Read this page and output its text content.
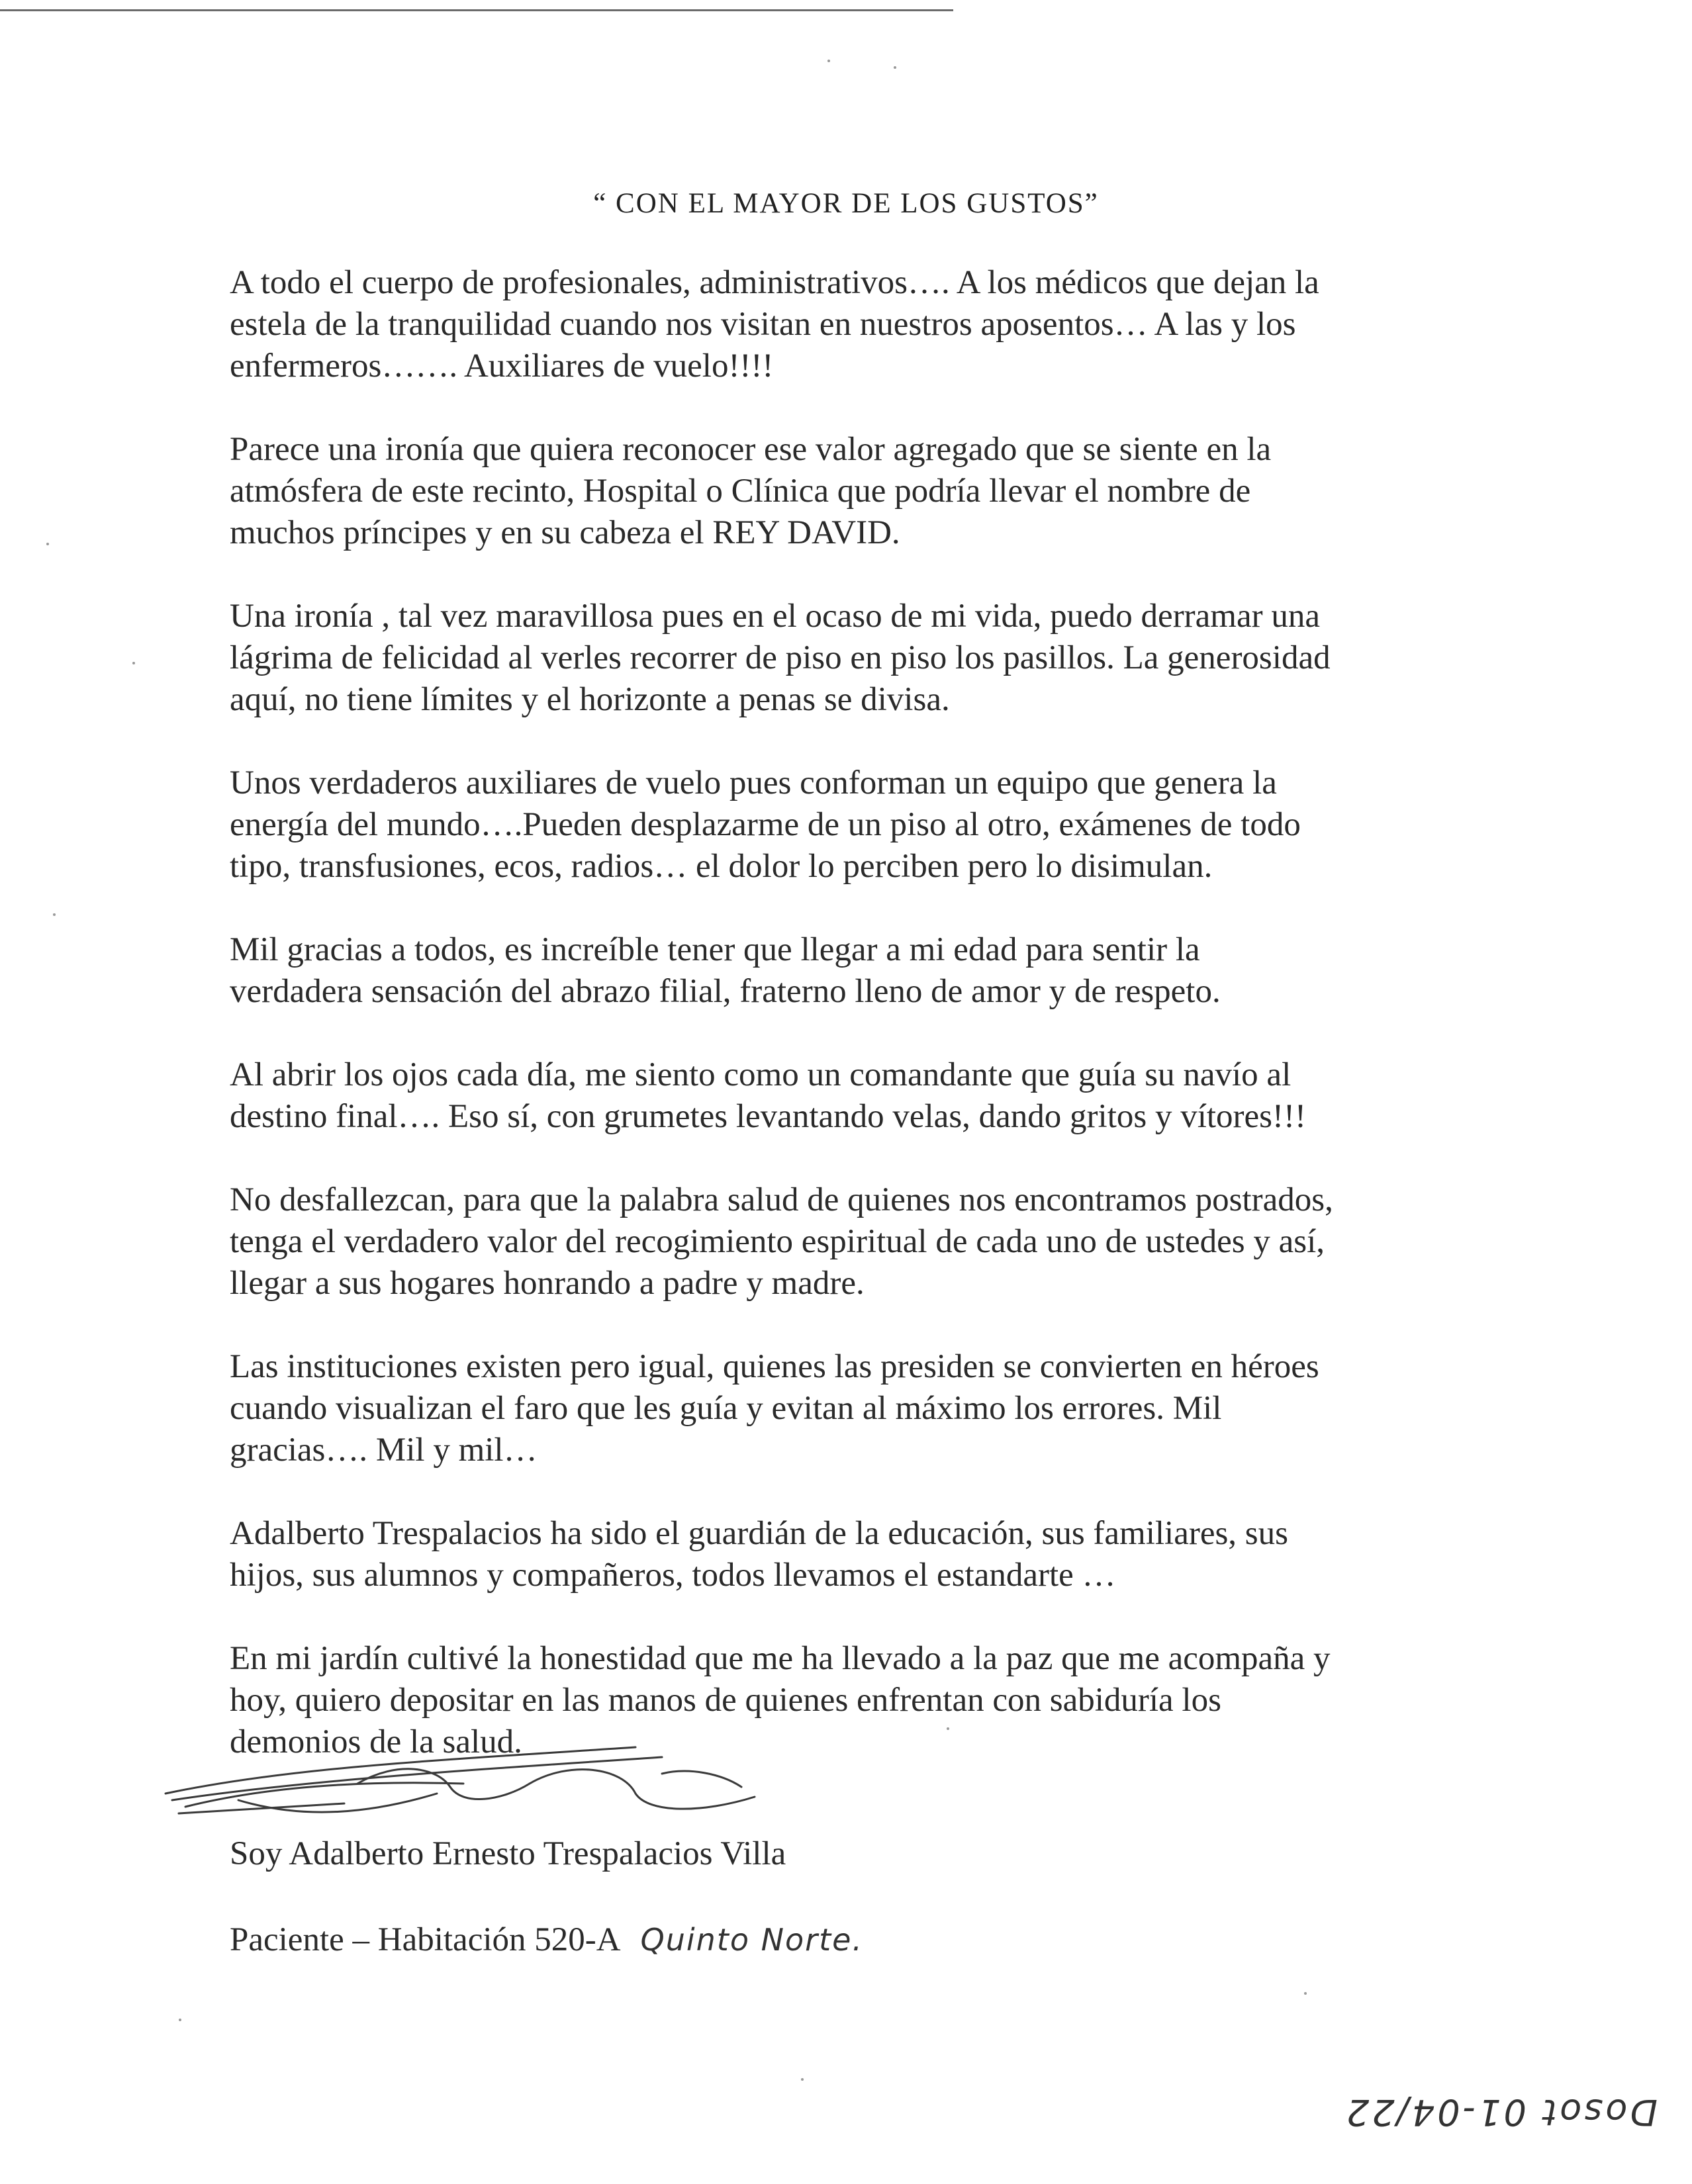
“ CON EL MAYOR DE LOS GUSTOS”

A todo el cuerpo de profesionales, administrativos…. A los médicos que dejan la
estela de la tranquilidad cuando nos visitan en nuestros aposentos… A las y los
enfermeros……. Auxiliares de vuelo!!!!

Parece una ironía que quiera reconocer ese valor agregado que se siente en la
atmósfera de este recinto, Hospital o Clínica que podría llevar el nombre de
muchos príncipes y en su cabeza el REY DAVID.

Una ironía , tal vez maravillosa pues en el ocaso de mi vida, puedo derramar una
lágrima de felicidad al verles recorrer de piso en piso los pasillos. La generosidad
aquí, no tiene límites y el horizonte a penas se divisa.

Unos verdaderos auxiliares de vuelo pues conforman un equipo que genera la
energía del mundo….Pueden desplazarme de un piso al otro, exámenes de todo
tipo, transfusiones, ecos, radios… el dolor lo perciben pero lo disimulan.

Mil gracias a todos, es increíble tener que llegar a mi edad para sentir la
verdadera sensación del abrazo filial, fraterno lleno de amor y de respeto.

Al abrir los ojos cada día, me siento como un comandante que guía su navío al
destino final…. Eso sí, con grumetes levantando velas, dando gritos y vítores!!!

No desfallezcan, para que la palabra salud de quienes nos encontramos postrados,
tenga el verdadero valor del recogimiento espiritual de cada uno de ustedes y así,
llegar a sus hogares honrando a padre y madre.

Las instituciones existen pero igual, quienes las presiden se convierten en héroes
cuando visualizan el faro que les guía y evitan al máximo los errores. Mil
gracias…. Mil y mil…

Adalberto Trespalacios ha sido el guardián de la educación, sus familiares, sus
hijos, sus alumnos y compañeros, todos llevamos el estandarte …

En mi jardín cultivé la honestidad que me ha llevado a la paz que me acompaña y
hoy, quiero depositar en las manos de quienes enfrentan con sabiduría los
demonios de la salud.

Soy Adalberto Ernesto Trespalacios Villa
Paciente – Habitación 520-A Quinto Norte.
Dosot 01-04/22
